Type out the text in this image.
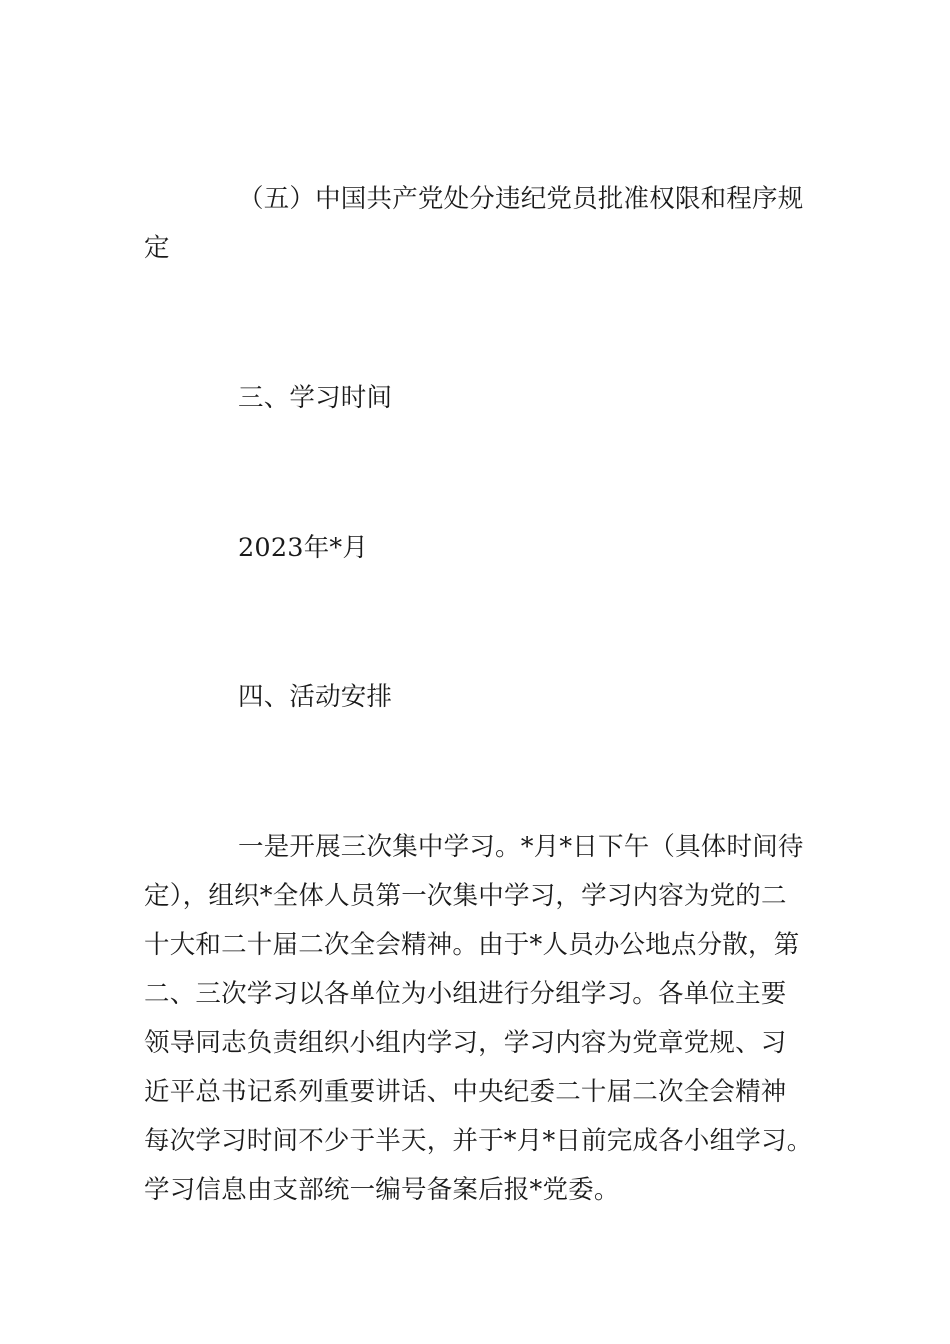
（五）中国共产党处分违纪党员批准权限和程序规
定

三、学习时间

2023年*月

四、活动安排

一是开展三次集中学习。*月*日下午（具体时间待
定），组织*全体人员第一次集中学习，学习内容为党的二
十大和二十届二次全会精神。由于*人员办公地点分散，第
二、三次学习以各单位为小组进行分组学习。各单位主要
领导同志负责组织小组内学习，学习内容为党章党规、习
近平总书记系列重要讲话、中央纪委二十届二次全会精神
每次学习时间不少于半天，并于*月*日前完成各小组学习。
学习信息由支部统一编号备案后报*党委。
